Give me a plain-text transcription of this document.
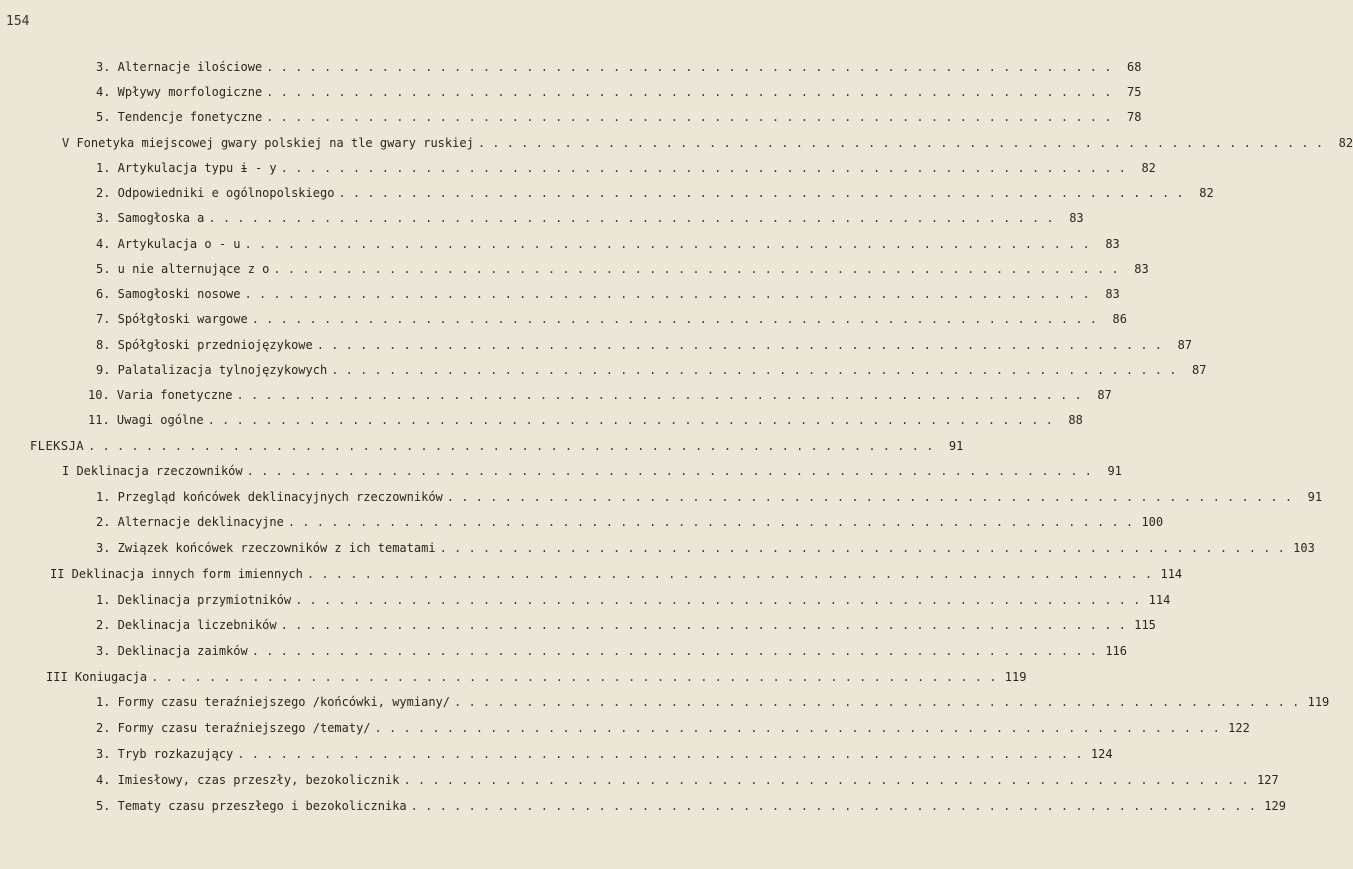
154
3. Alternacje ilościowe . . . . . . . . . . . . . . . . . . . . . . . . . . . . . . . . . . . . . . . . . . . . . . . . . . . . . . . . . . .	68
4. Wpływy morfologiczne . . . . . . . . . . . . . . . . . . . . . . . . . . . . . . . . . . . . . . . . . . . . . . . . . . . . . . . . . . .	75
5. Tendencje fonetyczne . . . . . . . . . . . . . . . . . . . . . . . . . . . . . . . . . . . . . . . . . . . . . . . . . . . . . . . . . . .	78
V Fonetyka miejscowej gwary polskiej na tle gwary ruskiej . . . . . . . . . . . . . . . . . . . . . . . . . . . . . . . . . . . . . . . . . . . . . . . . . . . . . . . . . . .	82
1. Artykulacja typu ɨ - y . . . . . . . . . . . . . . . . . . . . . . . . . . . . . . . . . . . . . . . . . . . . . . . . . . . . . . . . . . .	82
2. Odpowiedniki e ogólnopolskiego . . . . . . . . . . . . . . . . . . . . . . . . . . . . . . . . . . . . . . . . . . . . . . . . . . . . . . . . . . .	82
3. Samogłoska a . . . . . . . . . . . . . . . . . . . . . . . . . . . . . . . . . . . . . . . . . . . . . . . . . . . . . . . . . . .	83
4. Artykulacja o - u . . . . . . . . . . . . . . . . . . . . . . . . . . . . . . . . . . . . . . . . . . . . . . . . . . . . . . . . . . .	83
5. u nie alternujące z o . . . . . . . . . . . . . . . . . . . . . . . . . . . . . . . . . . . . . . . . . . . . . . . . . . . . . . . . . . .	83
6. Samogłoski nosowe . . . . . . . . . . . . . . . . . . . . . . . . . . . . . . . . . . . . . . . . . . . . . . . . . . . . . . . . . . .	83
7. Spółgłoski wargowe . . . . . . . . . . . . . . . . . . . . . . . . . . . . . . . . . . . . . . . . . . . . . . . . . . . . . . . . . . .	86
8. Spółgłoski przedniojęzykowe . . . . . . . . . . . . . . . . . . . . . . . . . . . . . . . . . . . . . . . . . . . . . . . . . . . . . . . . . . .	87
9. Palatalizacja tylnojęzykowych . . . . . . . . . . . . . . . . . . . . . . . . . . . . . . . . . . . . . . . . . . . . . . . . . . . . . . . . . . .	87
10. Varia fonetyczne . . . . . . . . . . . . . . . . . . . . . . . . . . . . . . . . . . . . . . . . . . . . . . . . . . . . . . . . . . .	87
11. Uwagi ogólne . . . . . . . . . . . . . . . . . . . . . . . . . . . . . . . . . . . . . . . . . . . . . . . . . . . . . . . . . . .	88
FLEKSJA . . . . . . . . . . . . . . . . . . . . . . . . . . . . . . . . . . . . . . . . . . . . . . . . . . . . . . . . . . .	91
I Deklinacja rzeczowników . . . . . . . . . . . . . . . . . . . . . . . . . . . . . . . . . . . . . . . . . . . . . . . . . . . . . . . . . . .	91
1. Przegląd końcówek deklinacyjnych rzeczowników . . . . . . . . . . . . . . . . . . . . . . . . . . . . . . . . . . . . . . . . . . . . . . . . . . . . . . . . . . .	91
2. Alternacje deklinacyjne . . . . . . . . . . . . . . . . . . . . . . . . . . . . . . . . . . . . . . . . . . . . . . . . . . . . . . . . . . . 100
3. Związek końcówek rzeczowników z ich tematami . . . . . . . . . . . . . . . . . . . . . . . . . . . . . . . . . . . . . . . . . . . . . . . . . . . . . . . . . . . 103
II Deklinacja innych form imiennych . . . . . . . . . . . . . . . . . . . . . . . . . . . . . . . . . . . . . . . . . . . . . . . . . . . . . . . . . . . 114
1. Deklinacja przymiotników . . . . . . . . . . . . . . . . . . . . . . . . . . . . . . . . . . . . . . . . . . . . . . . . . . . . . . . . . . . 114
2. Deklinacja liczebników . . . . . . . . . . . . . . . . . . . . . . . . . . . . . . . . . . . . . . . . . . . . . . . . . . . . . . . . . . . 115
3. Deklinacja zaimków . . . . . . . . . . . . . . . . . . . . . . . . . . . . . . . . . . . . . . . . . . . . . . . . . . . . . . . . . . . 116
III Koniugacja . . . . . . . . . . . . . . . . . . . . . . . . . . . . . . . . . . . . . . . . . . . . . . . . . . . . . . . . . . . 119
1. Formy czasu teraźniejszego /końcówki, wymiany/ . . . . . . . . . . . . . . . . . . . . . . . . . . . . . . . . . . . . . . . . . . . . . . . . . . . . . . . . . . . 119
2. Formy czasu teraźniejszego /tematy/ . . . . . . . . . . . . . . . . . . . . . . . . . . . . . . . . . . . . . . . . . . . . . . . . . . . . . . . . . . . 122
3. Tryb rozkazujący . . . . . . . . . . . . . . . . . . . . . . . . . . . . . . . . . . . . . . . . . . . . . . . . . . . . . . . . . . . 124
4. Imiesłowy, czas przeszły, bezokolicznik . . . . . . . . . . . . . . . . . . . . . . . . . . . . . . . . . . . . . . . . . . . . . . . . . . . . . . . . . . . 127
5. Tematy czasu przeszłego i bezokolicznika . . . . . . . . . . . . . . . . . . . . . . . . . . . . . . . . . . . . . . . . . . . . . . . . . . . . . . . . . . . 129
